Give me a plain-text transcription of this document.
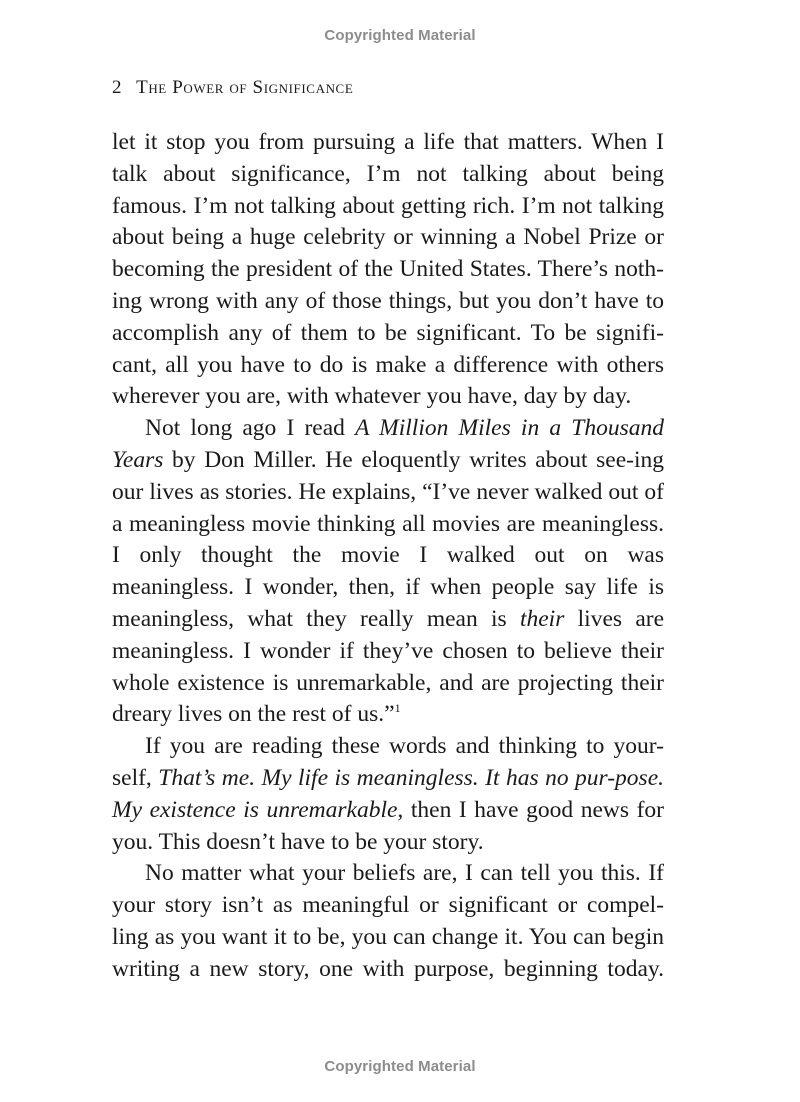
Copyrighted Material
2 The Power of Significance

let it stop you from pursuing a life that matters. When I talk about significance, I’m not talking about being famous. I’m not talking about getting rich. I’m not talking about being a huge celebrity or winning a Nobel Prize or becoming the president of the United States. There’s noth-ing wrong with any of those things, but you don’t have to accomplish any of them to be significant. To be signifi-cant, all you have to do is make a difference with others wherever you are, with whatever you have, day by day.

Not long ago I read A Million Miles in a Thousand Years by Don Miller. He eloquently writes about see-ing our lives as stories. He explains, “I’ve never walked out of a meaningless movie thinking all movies are meaningless. I only thought the movie I walked out on was meaningless. I wonder, then, if when people say life is meaningless, what they really mean is their lives are meaningless. I wonder if they’ve chosen to believe their whole existence is unremarkable, and are projecting their dreary lives on the rest of us.”$^1$

If you are reading these words and thinking to your-self, That’s me. My life is meaningless. It has no pur-pose. My existence is unremarkable, then I have good news for you. This doesn’t have to be your story.

No matter what your beliefs are, I can tell you this. If your story isn’t as meaningful or significant or compel-ling as you want it to be, you can change it. You can begin writing a new story, one with purpose, beginning today.

Copyrighted Material
